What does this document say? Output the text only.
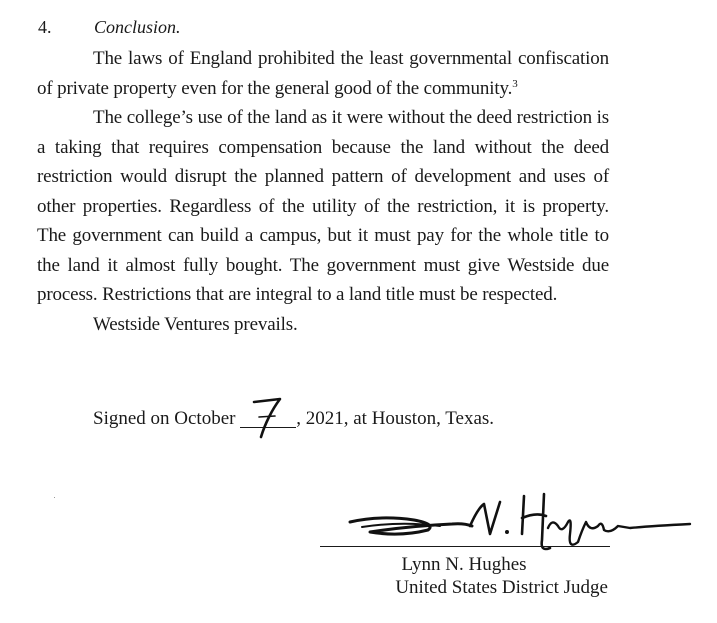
4. Conclusion.

The laws of England prohibited the least governmental confiscation of private property even for the general good of the community.$^3$

The college’s use of the land as it were without the deed restriction is a taking that requires compensation because the land without the deed restriction would disrupt the planned pattern of development and uses of other properties. Regardless of the utility of the restriction, it is property. The government can build a campus, but it must pay for the whole title to the land it almost fully bought. The government must give Westside due process. Restrictions that are integral to a land title must be respected.

Westside Ventures prevails.

Signed on October	, 2021, at Houston, Texas.
Lynn N. Hughes
United States District Judge
